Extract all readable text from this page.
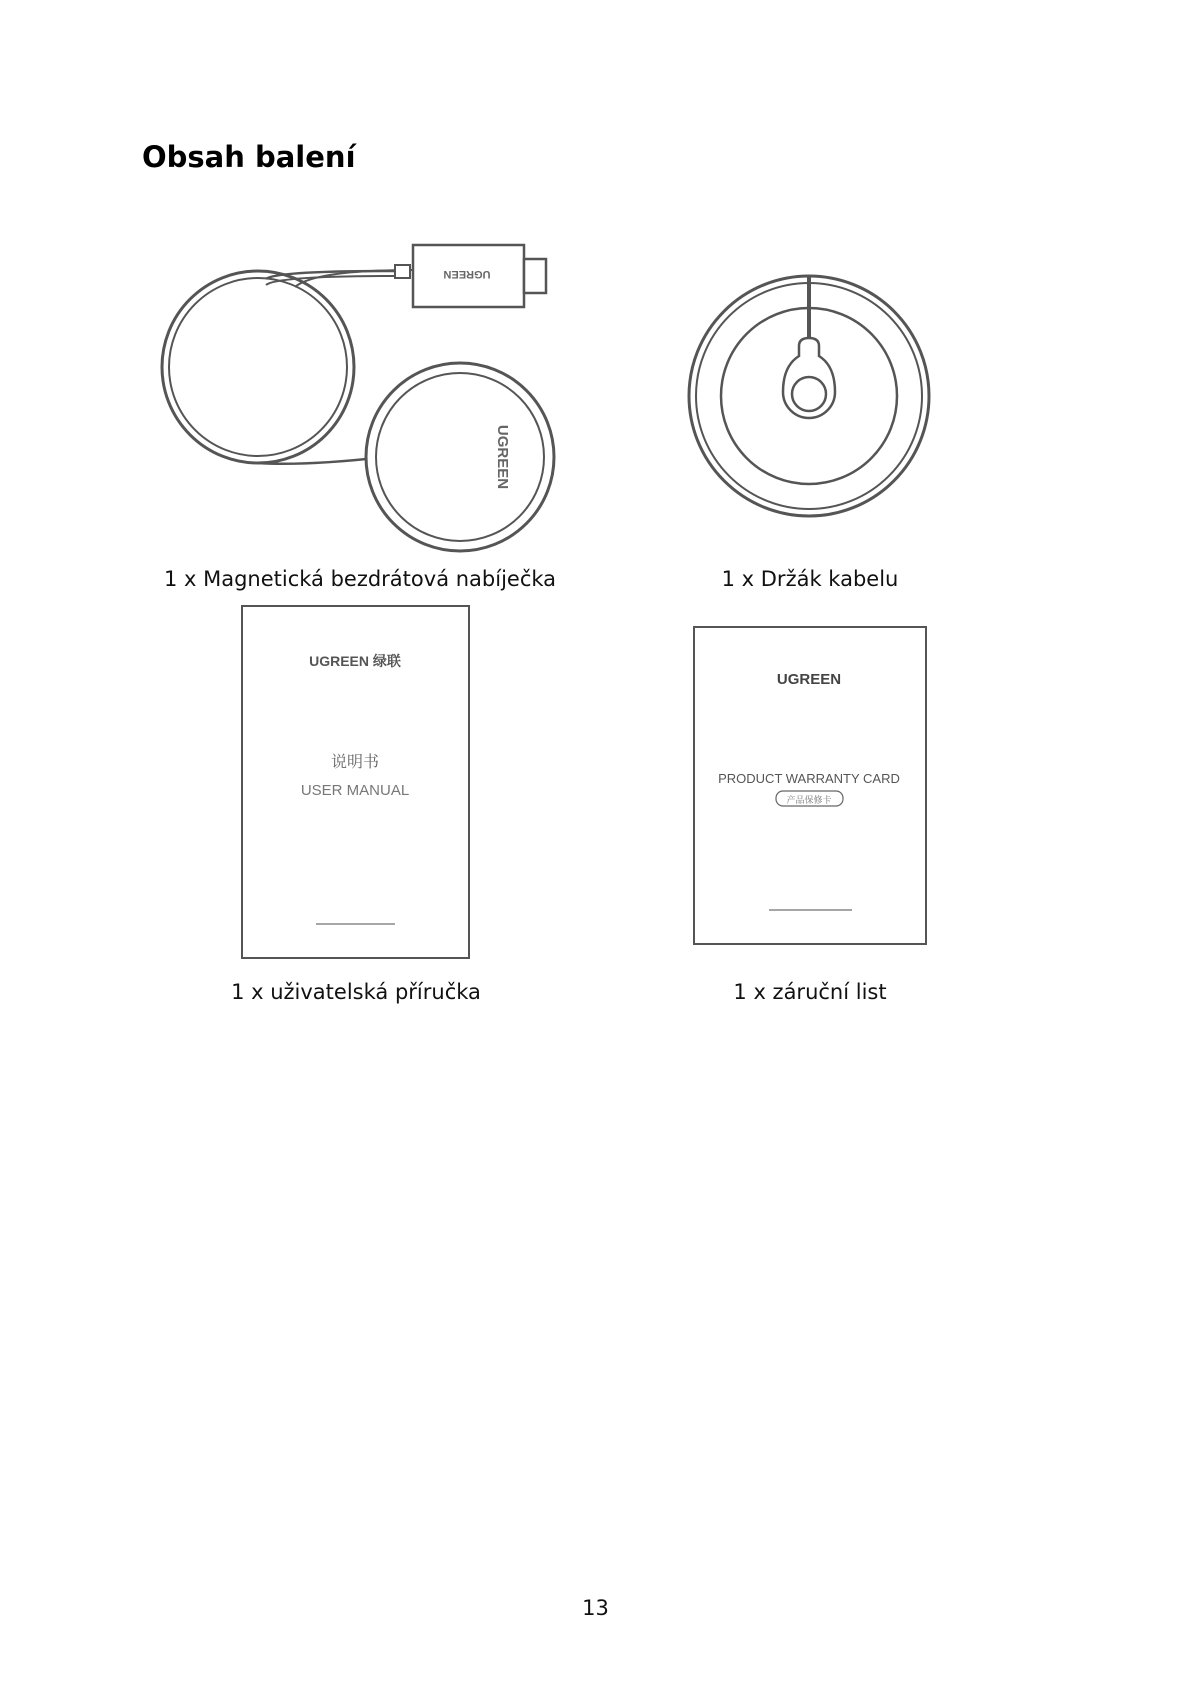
Obsah balení
UGREEN
UGREEN
UGREEN 绿联
说明书
USER MANUAL
UGREEN
PRODUCT WARRANTY CARD
产品保修卡
1 x Magnetická bezdrátová nabíječka	1 x Držák kabelu
1 x uživatelská příručka	1 x záruční list
13
